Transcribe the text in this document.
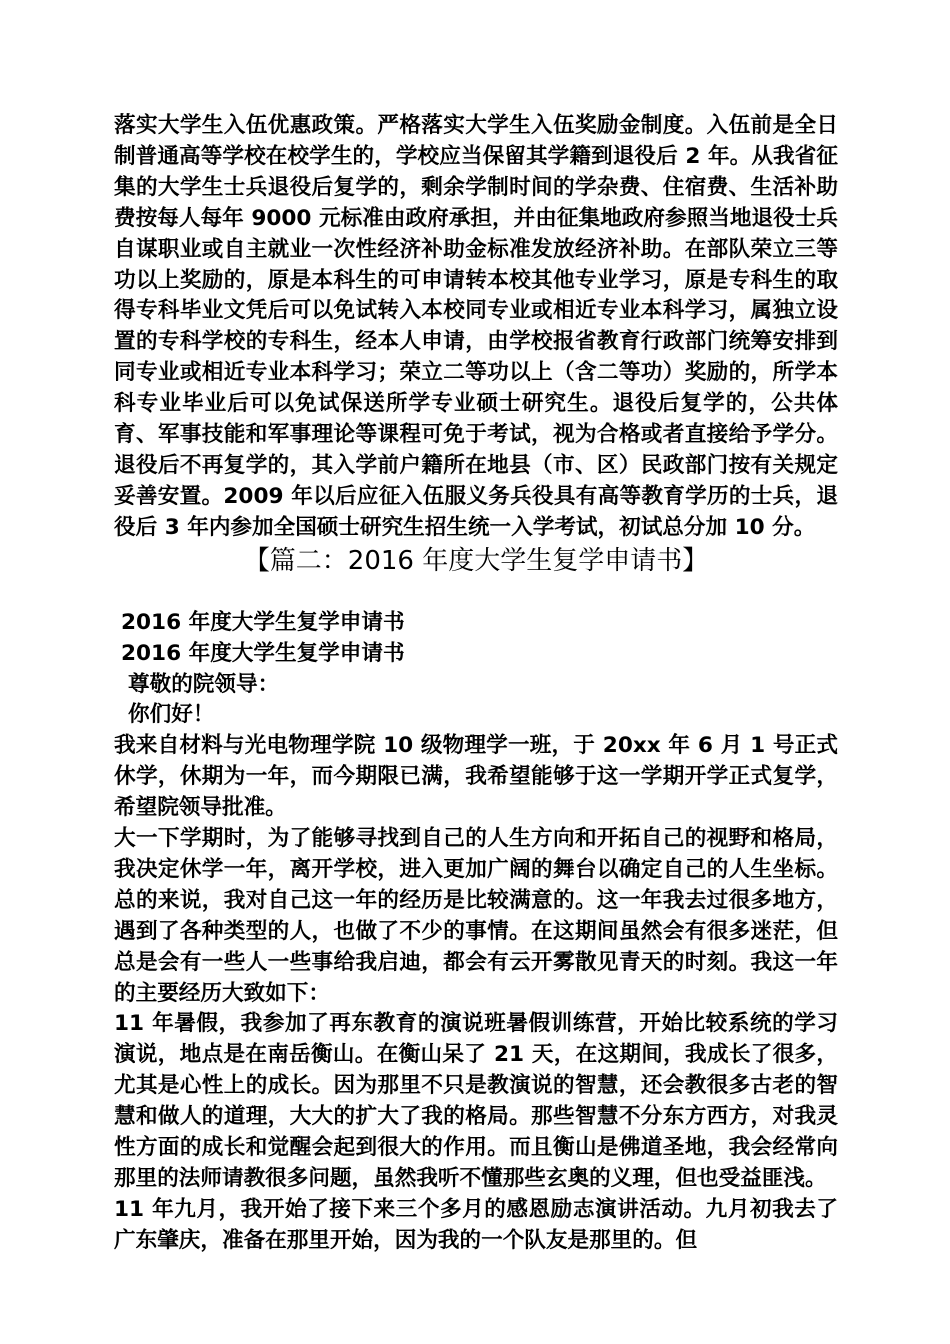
落实大学生入伍优惠政策。严格落实大学生入伍奖励金制度。入伍前是全日制普通高等学校在校学生的，学校应当保留其学籍到退役后 2 年。从我省征集的大学生士兵退役后复学的，剩余学制时间的学杂费、住宿费、生活补助费按每人每年 9000 元标准由政府承担，并由征集地政府参照当地退役士兵自谋职业或自主就业一次性经济补助金标准发放经济补助。在部队荣立三等功以上奖励的，原是本科生的可申请转本校其他专业学习，原是专科生的取得专科毕业文凭后可以免试转入本校同专业或相近专业本科学习，属独立设置的专科学校的专科生，经本人申请，由学校报省教育行政部门统筹安排到同专业或相近专业本科学习；荣立二等功以上（含二等功）奖励的，所学本科专业毕业后可以免试保送所学专业硕士研究生。退役后复学的，公共体育、军事技能和军事理论等课程可免于考试，视为合格或者直接给予学分。退役后不再复学的，其入学前户籍所在地县（市、区）民政部门按有关规定妥善安置。2009 年以后应征入伍服义务兵役具有高等教育学历的士兵，退役后 3 年内参加全国硕士研究生招生统一入学考试，初试总分加 10 分。

【篇二：2016 年度大学生复学申请书】

2016 年度大学生复学申请书

2016 年度大学生复学申请书

尊敬的院领导：

你们好！

我来自材料与光电物理学院 10 级物理学一班，于 20xx 年 6 月 1 号正式休学，休期为一年，而今期限已满，我希望能够于这一学期开学正式复学，希望院领导批准。

大一下学期时，为了能够寻找到自己的人生方向和开拓自己的视野和格局，我决定休学一年，离开学校，进入更加广阔的舞台以确定自己的人生坐标。总的来说，我对自己这一年的经历是比较满意的。这一年我去过很多地方，遇到了各种类型的人，也做了不少的事情。在这期间虽然会有很多迷茫，但总是会有一些人一些事给我启迪，都会有云开雾散见青天的时刻。我这一年的主要经历大致如下：

11 年暑假，我参加了再东教育的演说班暑假训练营，开始比较系统的学习演说，地点是在南岳衡山。在衡山呆了 21 天，在这期间，我成长了很多，尤其是心性上的成长。因为那里不只是教演说的智慧，还会教很多古老的智慧和做人的道理，大大的扩大了我的格局。那些智慧不分东方西方，对我灵性方面的成长和觉醒会起到很大的作用。而且衡山是佛道圣地，我会经常向那里的法师请教很多问题，虽然我听不懂那些玄奥的义理，但也受益匪浅。

11 年九月，我开始了接下来三个多月的感恩励志演讲活动。九月初我去了广东肇庆，准备在那里开始，因为我的一个队友是那里的。但
